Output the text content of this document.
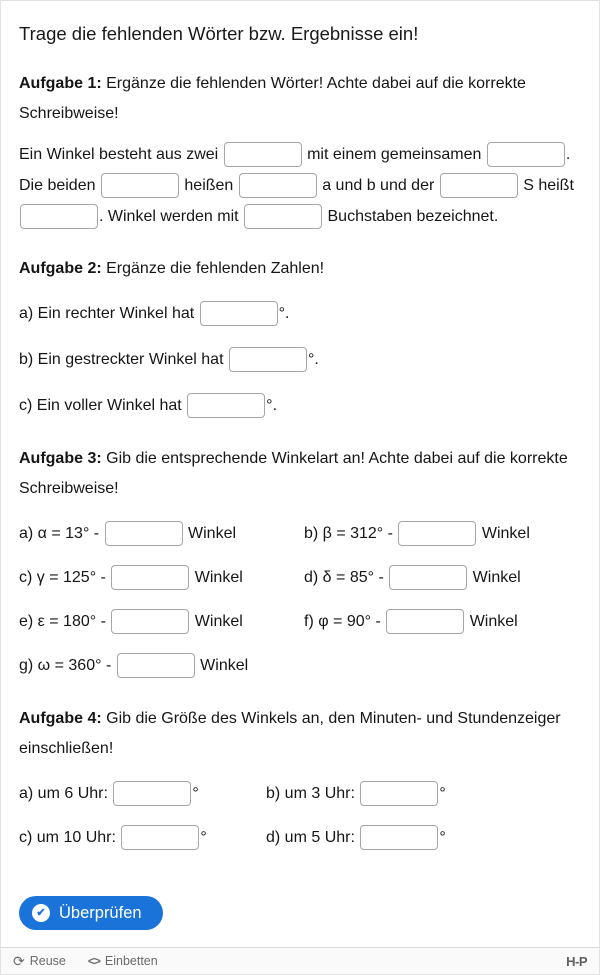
Trage die fehlenden Wörter bzw. Ergebnisse ein!

Aufgabe 1: Ergänze die fehlenden Wörter! Achte dabei auf die korrekte Schreibweise!

Ein Winkel besteht aus zwei	mit einem gemeinsamen	. Die beiden	heißen	a und b und der	S heißt . Winkel werden mit	Buchstaben bezeichnet.

Aufgabe 2: Ergänze die fehlenden Zahlen!

a) Ein rechter Winkel hat	°.
b) Ein gestreckter Winkel hat	°.
c) Ein voller Winkel hat	°.

Aufgabe 3: Gib die entsprechende Winkelart an! Achte dabei auf die korrekte Schreibweise!

a) α = 13° -	Winkel	b) β = 312° -	Winkel
c) γ = 125° -	Winkel	d) δ = 85° -	Winkel
e) ε = 180° -	Winkel	f) φ = 90° -	Winkel
g) ω = 360° -	Winkel

Aufgabe 4: Gib die Größe des Winkels an, den Minuten- und Stundenzeiger einschließen!

a) um 6 Uhr:	°	b) um 3 Uhr:	°
c) um 10 Uhr:	°	d) um 5 Uhr:	°
✔ Überprüfen
⟳ Reuse <> Einbetten	H-P
